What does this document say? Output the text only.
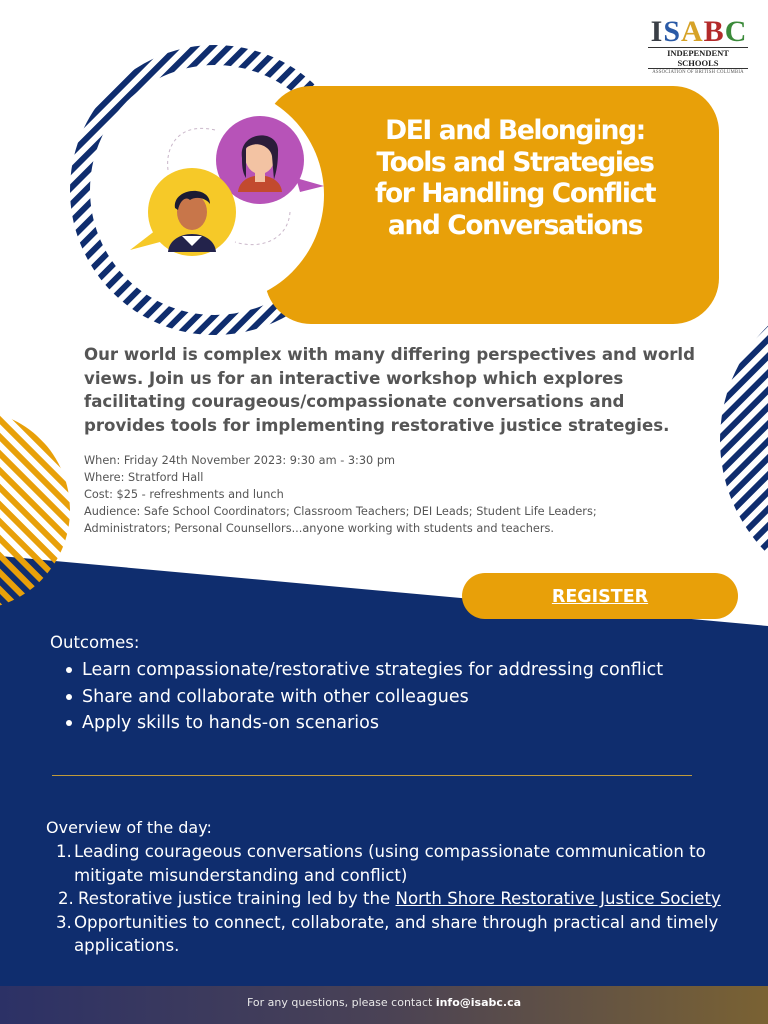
DEI and Belonging:
Tools and Strategies
for Handling Conflict
and Conversations
I S A B C
INDEPENDENT SCHOOLS
ASSOCIATION OF BRITISH COLUMBIA
Our world is complex with many differing perspectives and world views. Join us for an interactive workshop which explores facilitating courageous/compassionate conversations and provides tools for implementing restorative justice strategies.
When: Friday 24th November 2023: 9:30 am - 3:30 pm
Where: Stratford Hall
Cost: $25 - refreshments and lunch
Audience: Safe School Coordinators; Classroom Teachers; DEI Leads; Student Life Leaders;
Administrators; Personal Counsellors...anyone working with students and teachers.
REGISTER
Outcomes:
Learn compassionate/restorative strategies for addressing conflict
Share and collaborate with other colleagues
Apply skills to hands-on scenarios
Overview of the day:
1. Leading courageous conversations (using compassionate communication to mitigate misunderstanding and conflict)
2. Restorative justice training led by the North Shore Restorative Justice Society
3. Opportunities to connect, collaborate, and share through practical and timely applications.
For any questions, please contact info@isabc.ca
